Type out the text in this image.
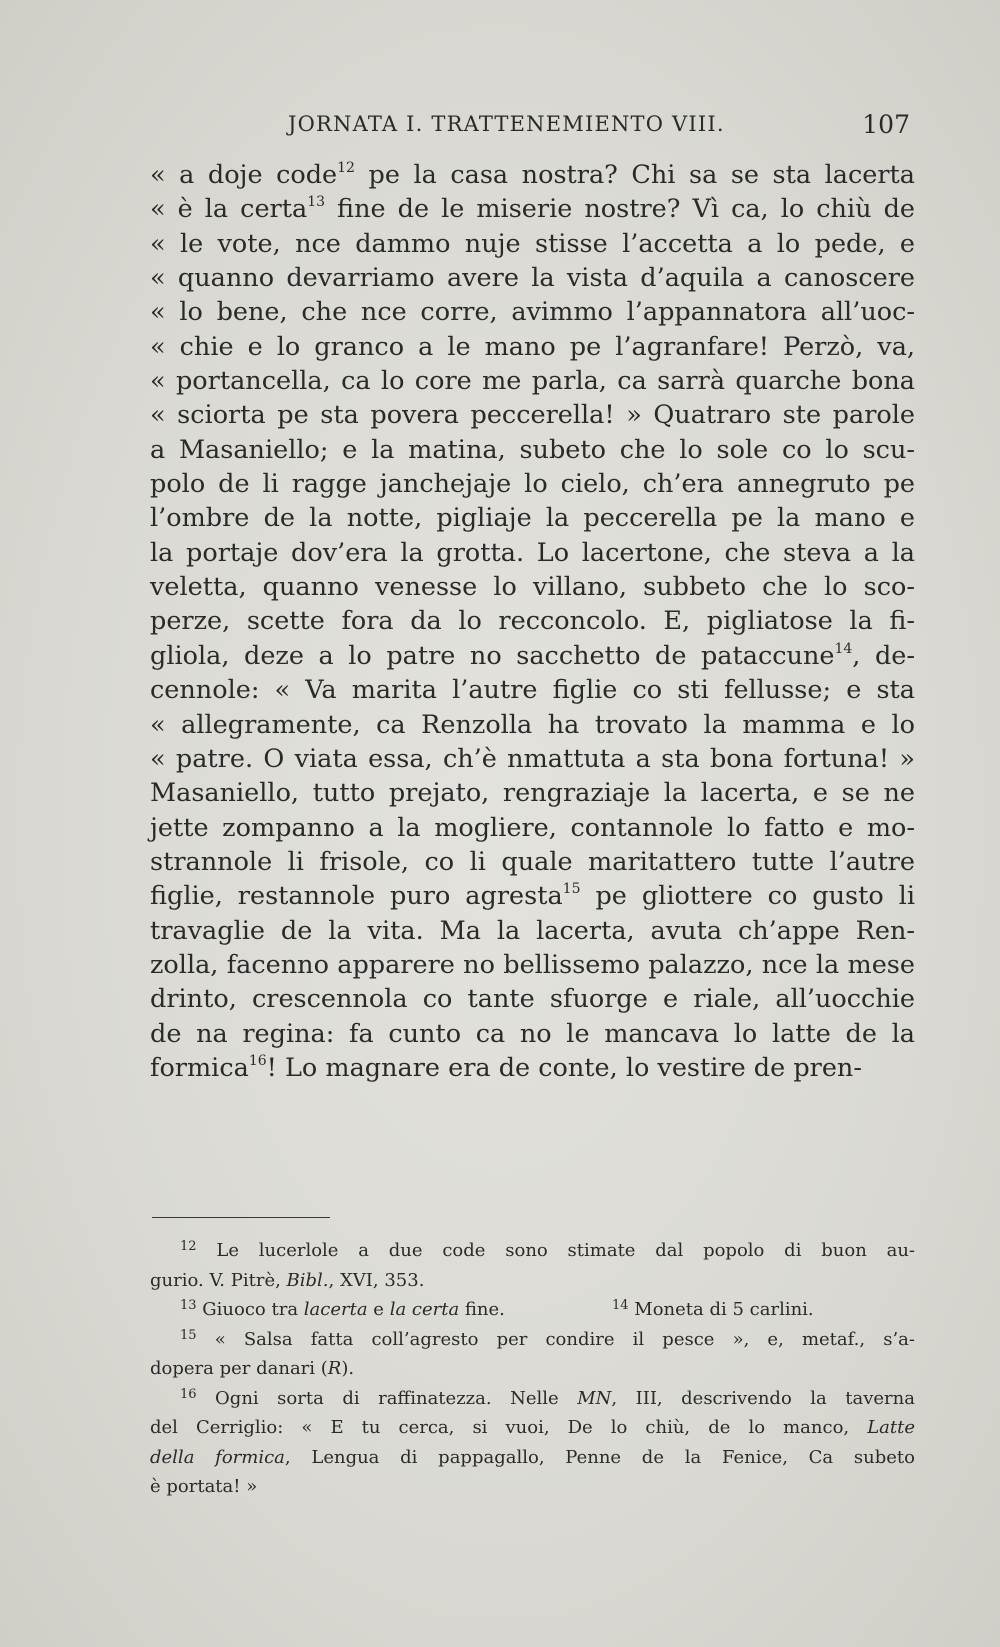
JORNATA I. TRATTENEMIENTO VIII.	107
« a doje code$^{12}$ pe la casa nostra? Chi sa se sta lacerta
« è la certa$^{13}$ fine de le miserie nostre? Vì ca, lo chiù de
« le vote, nce dammo nuje stisse l’accetta a lo pede, e
« quanno devarriamo avere la vista d’aquila a canoscere
« lo bene, che nce corre, avimmo l’appannatora all’uoc-
« chie e lo granco a le mano pe l’agranfare! Perzò, va,
« portancella, ca lo core me parla, ca sarrà quarche bona
« sciorta pe sta povera peccerella! » Quatraro ste parole
a Masaniello; e la matina, subeto che lo sole co lo scu-
polo de li ragge janchejaje lo cielo, ch’era annegruto pe
l’ombre de la notte, pigliaje la peccerella pe la mano e
la portaje dov’era la grotta. Lo lacertone, che steva a la
veletta, quanno venesse lo villano, subbeto che lo sco-
perze, scette fora da lo recconcolo. E, pigliatose la fi-
gliola, deze a lo patre no sacchetto de pataccune$^{14}$, de-
cennole: « Va marita l’autre figlie co sti fellusse; e sta
« allegramente, ca Renzolla ha trovato la mamma e lo
« patre. O viata essa, ch’è nmattuta a sta bona fortuna! »
Masaniello, tutto prejato, rengraziaje la lacerta, e se ne
jette zompanno a la mogliere, contannole lo fatto e mo-
strannole li frisole, co li quale maritattero tutte l’autre
figlie, restannole puro agresta$^{15}$ pe gliottere co gusto li
travaglie de la vita. Ma la lacerta, avuta ch’appe Ren-
zolla, facenno apparere no bellissemo palazzo, nce la mese
drinto, crescennola co tante sfuorge e riale, all’uocchie
de na regina: fa cunto ca no le mancava lo latte de la
formica$^{16}$! Lo magnare era de conte, lo vestire de pren-
$^{12}$ Le lucerlole a due code sono stimate dal popolo di buon au-
gurio. V. Pitrè, Bibl., XVI, 353.
$^{13}$ Giuoco tra lacerta e la certa fine.	$^{14}$ Moneta di 5 carlini.
$^{15}$ « Salsa fatta coll’agresto per condire il pesce », e, metaf., s’a-
dopera per danari (R).
$^{16}$ Ogni sorta di raffinatezza. Nelle MN, III, descrivendo la taverna
del Cerriglio: « E tu cerca, si vuoi, De lo chiù, de lo manco, Latte
della formica, Lengua di pappagallo, Penne de la Fenice, Ca subeto
è portata! »
